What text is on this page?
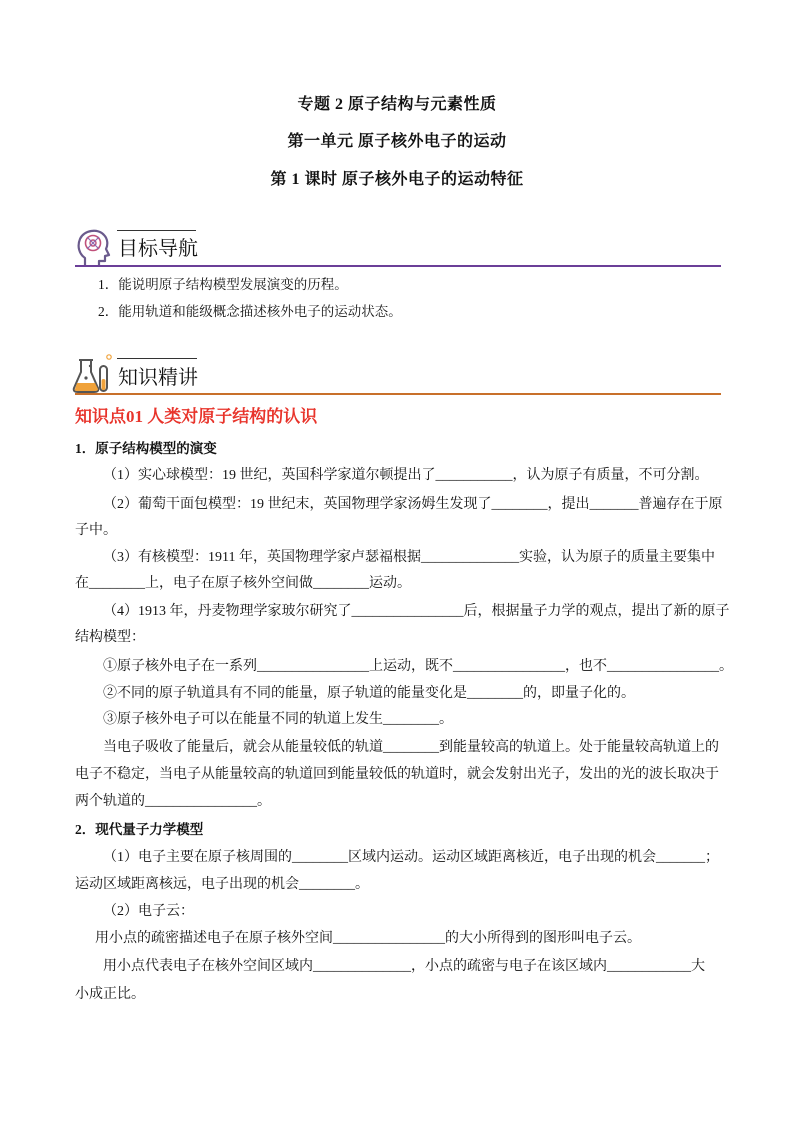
专题 2 原子结构与元素性质
第一单元 原子核外电子的运动
第 1 课时 原子核外电子的运动特征
目标导航
1．能说明原子结构模型发展演变的历程。
2．能用轨道和能级概念描述核外电子的运动状态。
知识精讲
知识点01 人类对原子结构的认识
1．原子结构模型的演变
（1）实心球模型：19 世纪，英国科学家道尔顿提出了___________，认为原子有质量，不可分割。
（2）葡萄干面包模型：19 世纪末，英国物理学家汤姆生发现了________，提出_______普遍存在于原
子中。
（3）有核模型：1911 年，英国物理学家卢瑟福根据______________实验，认为原子的质量主要集中
在________上，电子在原子核外空间做________运动。
（4）1913 年，丹麦物理学家玻尔研究了________________后，根据量子力学的观点，提出了新的原子
结构模型：
①原子核外电子在一系列________________上运动，既不________________，也不________________。
②不同的原子轨道具有不同的能量，原子轨道的能量变化是________的，即量子化的。
③原子核外电子可以在能量不同的轨道上发生________。
当电子吸收了能量后，就会从能量较低的轨道________到能量较高的轨道上。处于能量较高轨道上的
电子不稳定，当电子从能量较高的轨道回到能量较低的轨道时，就会发射出光子，发出的光的波长取决于
两个轨道的________________。
2．现代量子力学模型
（1）电子主要在原子核周围的________区域内运动。运动区域距离核近，电子出现的机会_______；
运动区域距离核远，电子出现的机会________。
（2）电子云：
用小点的疏密描述电子在原子核外空间________________的大小所得到的图形叫电子云。
用小点代表电子在核外空间区域内______________，小点的疏密与电子在该区域内____________大
小成正比。
